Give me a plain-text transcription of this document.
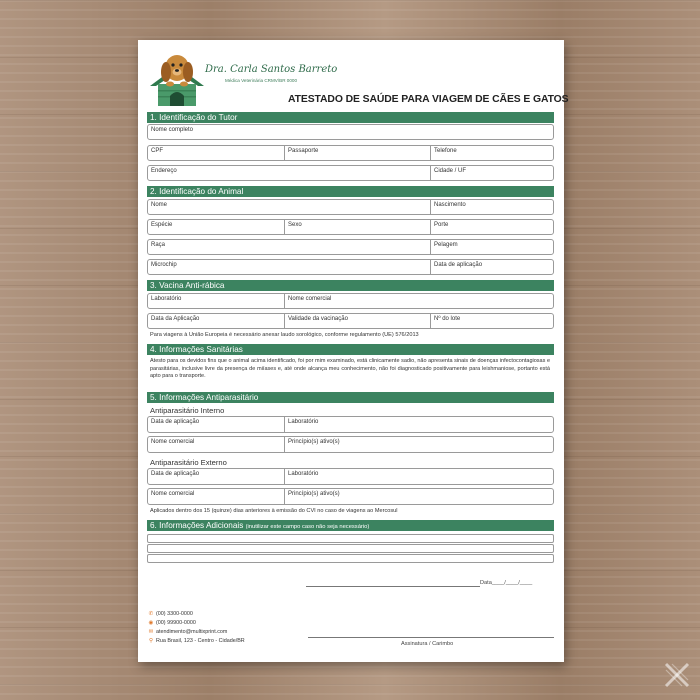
Dra. Carla Santos Barreto
Médica Veterinária CRMV/BR 0000
ATESTADO DE SAÚDE PARA VIAGEM DE CÃES E GATOS
1. Identificação do Tutor
Nome completo
CPF	Passaporte	Telefone
Endereço	Cidade / UF
2. Identificação do Animal
Nome	Nascimento
Espécie	Sexo	Porte
Raça	Pelagem
Microchip	Data de aplicação
3. Vacina Anti-rábica
Laboratório	Nome comercial
Data da Aplicação	Validade da vacinação	Nº do lote
Para viagens à União Europeia é necessário anexar laudo sorológico, conforme regulamento (UE) 576/2013
4. Informações Sanitárias
Atesto para os devidos fins que o animal acima identificado, foi por mim examinado, está clinicamente sadio, não apresenta sinais de doenças infectocontagiosas e parasitárias, inclusive livre da presença de miíases e, até onde alcança meu conhecimento, não foi diagnosticado positivamente para leishmaniose, portanto está apto para o transporte.
5. Informações Antiparasitário
Antiparasitário Interno
Data de aplicação	Laboratório
Nome comercial	Princípio(s) ativo(s)
Antiparasitário Externo
Data de aplicação	Laboratório
Nome comercial	Princípio(s) ativo(s)
Aplicados dentro dos 15 (quinze) dias anteriores à emissão do CVI no caso de viagens ao Mercosul
6. Informações Adicionais (inutilizar este campo caso não seja necessário)
Data____/____/____
Assinatura / Carimbo
✆ (00) 3300-0000
◉ (00) 99900-0000
✉ atendimento@multixprint.com
⚲ Rua Brasil, 123 - Centro - Cidade/BR
